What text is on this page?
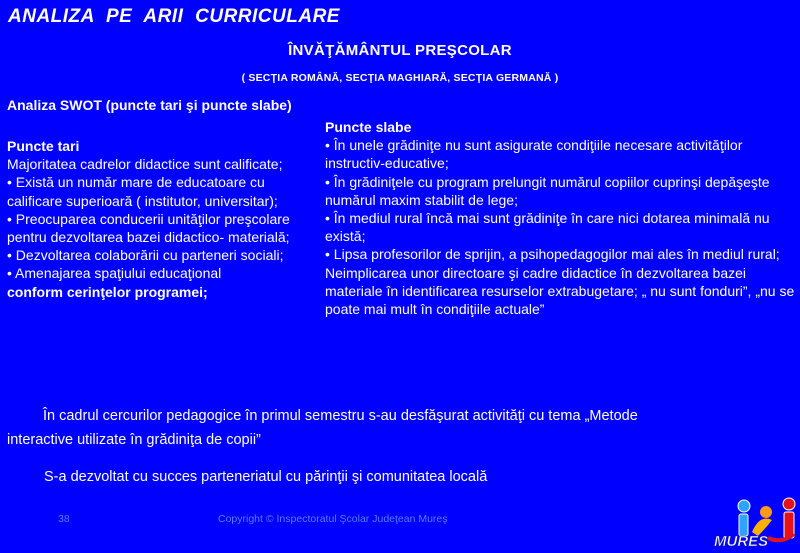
ANALIZA PE ARII CURRICULARE
ÎNVĂŢĂMÂNTUL PREŞCOLAR
( SECŢIA ROMÂNĂ, SECŢIA MAGHIARĂ, SECŢIA GERMANĂ )
Analiza SWOT (puncte tari şi puncte slabe)
Puncte tari
Majoritatea cadrelor didactice sunt calificate;
• Există un număr mare de educatoare cu calificare superioară ( institutor, universitar);
• Preocuparea conducerii unităţilor preşcolare pentru dezvoltarea bazei didactico- materială;
• Dezvoltarea colaborării cu parteneri sociali;
• Amenajarea spaţiului educaţional
conform cerinţelor programei;
Puncte slabe
• În unele grădiniţe nu sunt asigurate condiţiile necesare activităţilor instructiv-educative;
• În grădiniţele cu program prelungit numărul copiilor cuprinşi depăşeşte numărul maxim stabilit de lege;
• În mediul rural încă mai sunt grădiniţe în care nici dotarea minimală nu există;
• Lipsa profesorilor de sprijin, a psihopedagogilor mai ales în mediul rural;
Neimplicarea unor directoare şi cadre didactice în dezvoltarea bazei materiale în identificarea resurselor extrabugetare; „ nu sunt fonduri”, „nu se poate mai mult în condiţiile actuale”
În cadrul cercurilor pedagogice în primul semestru s-au desfăşurat activităţi cu tema „Metode
interactive utilizate în grădiniţa de copii”
S-a dezvoltat cu succes parteneriatul cu părinţii şi comunitatea locală
38	Copyright © Inspectoratul Şcolar Judeţean Mureş
MURES
